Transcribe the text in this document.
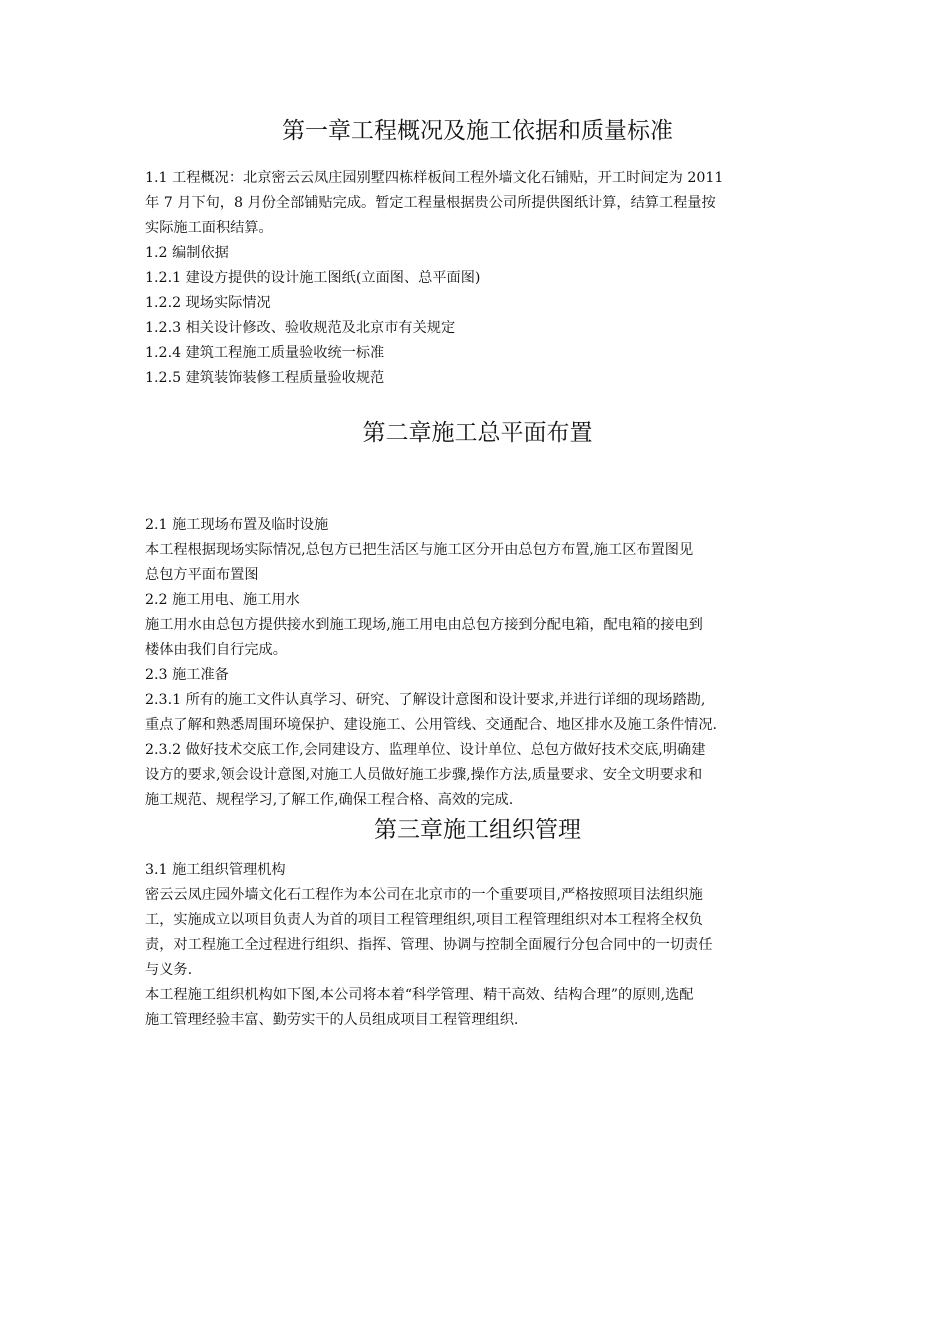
第一章工程概况及施工依据和质量标准
1.1 工程概况：北京密云云凤庄园别墅四栋样板间工程外墙文化石铺贴，开工时间定为 2011
年 7 月下旬，8 月份全部铺贴完成。暂定工程量根据贵公司所提供图纸计算，结算工程量按
实际施工面积结算。
1.2 编制依据
1.2.1 建设方提供的设计施工图纸(立面图、总平面图)
1.2.2 现场实际情况
1.2.3 相关设计修改、验收规范及北京市有关规定
1.2.4 建筑工程施工质量验收统一标准
1.2.5 建筑装饰装修工程质量验收规范
第二章施工总平面布置
2.1 施工现场布置及临时设施
本工程根据现场实际情况,总包方已把生活区与施工区分开由总包方布置,施工区布置图见
总包方平面布置图
2.2 施工用电、施工用水
施工用水由总包方提供接水到施工现场,施工用电由总包方接到分配电箱，配电箱的接电到
楼体由我们自行完成。
2.3 施工准备
2.3.1 所有的施工文件认真学习、研究、了解设计意图和设计要求,并进行详细的现场踏勘,
重点了解和熟悉周围环境保护、建设施工、公用管线、交通配合、地区排水及施工条件情况.
2.3.2 做好技术交底工作,会同建设方、监理单位、设计单位、总包方做好技术交底,明确建
设方的要求,领会设计意图,对施工人员做好施工步骤,操作方法,质量要求、安全文明要求和
施工规范、规程学习,了解工作,确保工程合格、高效的完成.
第三章施工组织管理
3.1 施工组织管理机构
密云云凤庄园外墙文化石工程作为本公司在北京市的一个重要项目,严格按照项目法组织施
工，实施成立以项目负责人为首的项目工程管理组织,项目工程管理组织对本工程将全权负
责，对工程施工全过程进行组织、指挥、管理、协调与控制全面履行分包合同中的一切责任
与义务.
本工程施工组织机构如下图,本公司将本着“科学管理、精干高效、结构合理”的原则,选配
施工管理经验丰富、勤劳实干的人员组成项目工程管理组织.
